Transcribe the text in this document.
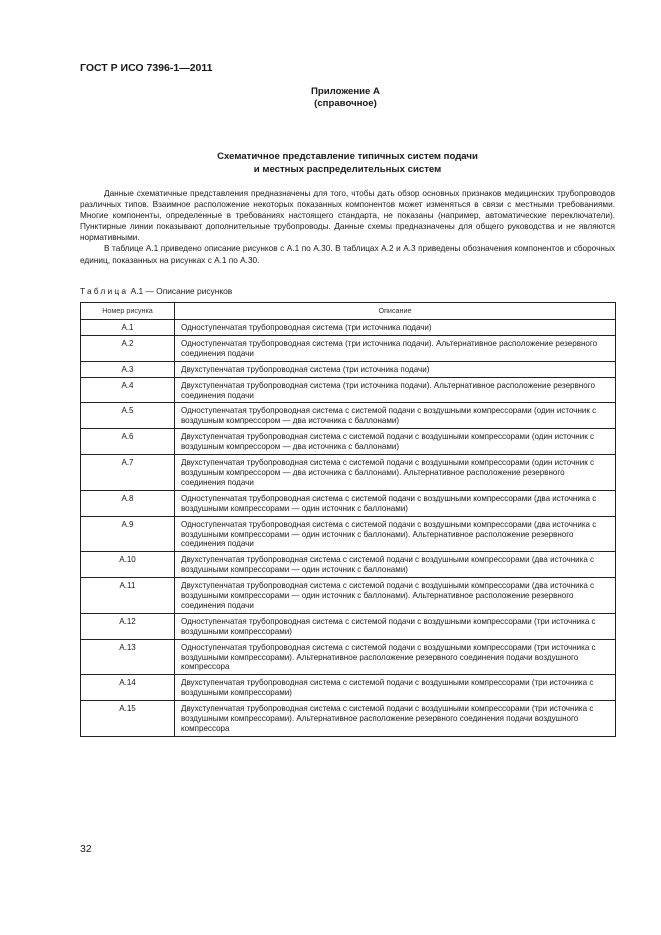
ГОСТ Р ИСО 7396-1—2011
Приложение А
(справочное)
Схематичное представление типичных систем подачи
и местных распределительных систем

Данные схематичные представления предназначены для того, чтобы дать обзор основных признаков медицинских трубопроводов различных типов. Взаимное расположение некоторых показанных компонентов может изменяться в связи с местными требованиями. Многие компоненты, определенные в требованиях настоящего стандарта, не показаны (например, автоматические переключатели). Пунктирные линии показывают дополнительные трубопроводы. Данные схемы предназначены для общего руководства и не являются нормативными.

В таблице А.1 приведено описание рисунков с А.1 по А.30. В таблицах А.2 и А.3 приведены обозначения компонентов и сборочных единиц, показанных на рисунках с А.1 по А.30.

Таблица А.1 — Описание рисунков
Номер рисунка	Описание
А.1	Одноступенчатая трубопроводная система (три источника подачи)
А.2	Одноступенчатая трубопроводная система (три источника подачи). Альтернативное расположение резервного соединения подачи
А.3	Двухступенчатая трубопроводная система (три источника подачи)
А.4	Двухступенчатая трубопроводная система (три источника подачи). Альтернативное расположение резервного соединения подачи
А.5	Одноступенчатая трубопроводная система с системой подачи с воздушными компрессорами (один источник с воздушным компрессором — два источника с баллонами)
А.6	Двухступенчатая трубопроводная система с системой подачи с воздушными компрессорами (один источник с воздушным компрессором — два источника с баллонами)
А.7	Двухступенчатая трубопроводная система с системой подачи с воздушными компрессорами (один источник с воздушным компрессором — два источника с баллонами). Альтернативное расположение резервного соединения подачи
А.8	Одноступенчатая трубопроводная система с системой подачи с воздушными компрессорами (два источника с воздушными компрессорами — один источник с баллонами)
А.9	Одноступенчатая трубопроводная система с системой подачи с воздушными компрессорами (два источника с воздушными компрессорами — один источник с баллонами). Альтернативное расположение резервного соединения подачи
А.10	Двухступенчатая трубопроводная система с системой подачи с воздушными компрессорами (два источника с воздушными компрессорами — один источник с баллонами)
А.11	Двухступенчатая трубопроводная система с системой подачи с воздушными компрессорами (два источника с воздушными компрессорами — один источник с баллонами). Альтернативное расположение резервного соединения подачи
А.12	Одноступенчатая трубопроводная система с системой подачи с воздушными компрессорами (три источника с воздушными компрессорами)
А.13	Одноступенчатая трубопроводная система с системой подачи с воздушными компрессорами (три источника с воздушными компрессорами). Альтернативное расположение резервного соединения подачи воздушного компрессора
А.14	Двухступенчатая трубопроводная система с системой подачи с воздушными компрессорами (три источника с воздушными компрессорами)
А.15	Двухступенчатая трубопроводная система с системой подачи с воздушными компрессорами (три источника с воздушными компрессорами). Альтернативное расположение резервного соединения подачи воздушного компрессора
32
